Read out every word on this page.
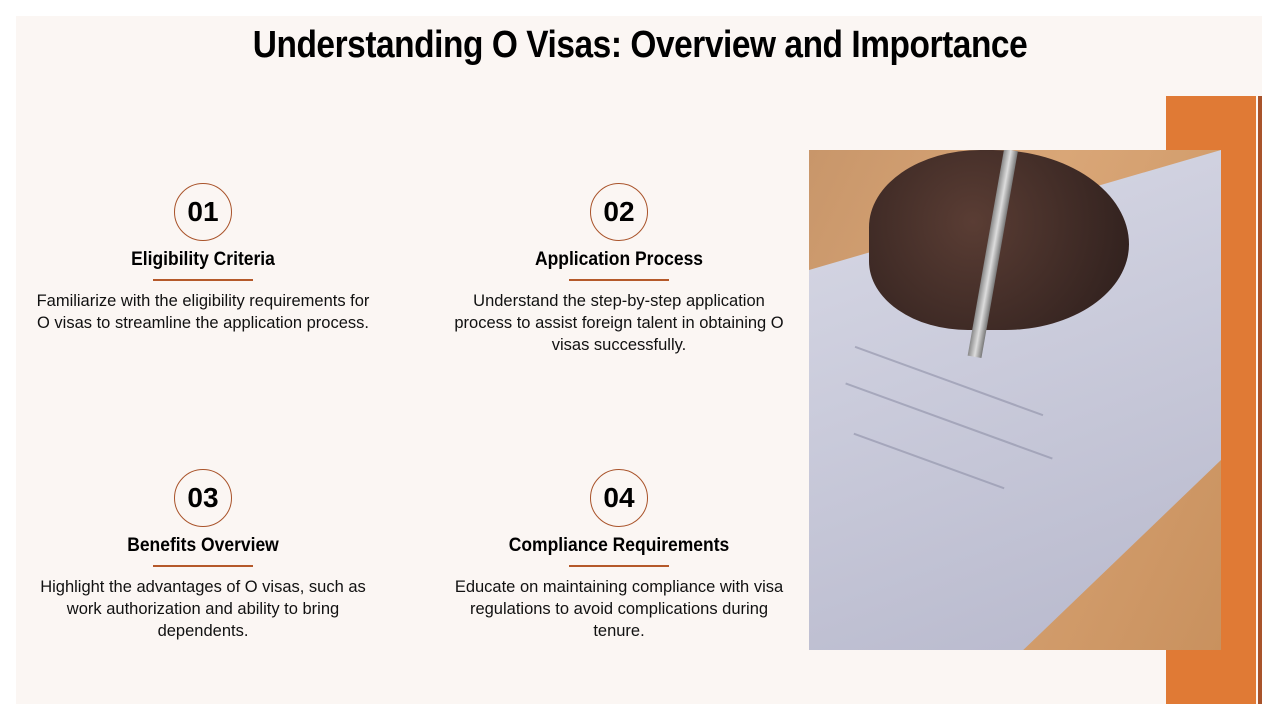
Understanding O Visas: Overview and Importance
01
Eligibility Criteria
Familiarize with the eligibility requirements for O visas to streamline the application process.
02
Application Process
Understand the step-by-step application process to assist foreign talent in obtaining O visas successfully.
03
Benefits Overview
Highlight the advantages of O visas, such as work authorization and ability to bring dependents.
04
Compliance Requirements
Educate on maintaining compliance with visa regulations to avoid complications during tenure.
